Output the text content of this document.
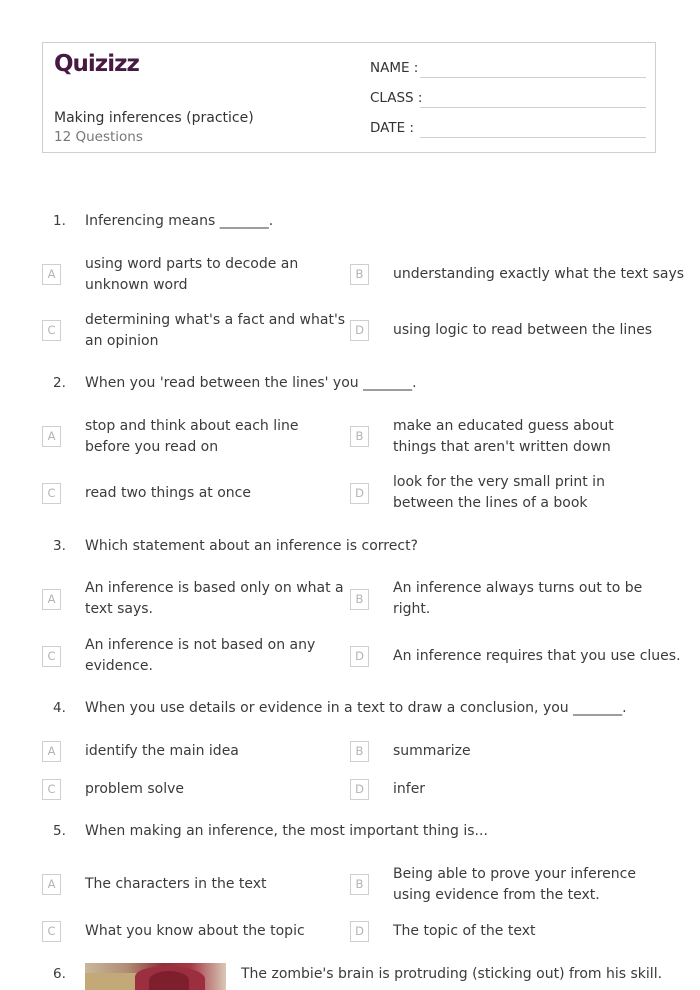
Quizizz
Making inferences (practice)
12 Questions
NAME :
CLASS :
DATE :
1. Inferencing means _______.
A
using word parts to decode an unknown word
B	understanding exactly what the text says
C
determining what's a fact and what's an opinion
D	using logic to read between the lines
2. When you 'read between the lines' you _______.
A
stop and think about each line before you read on
B
make an educated guess about things that aren't written down
C	read two things at once	D
look for the very small print in between the lines of a book
3. Which statement about an inference is correct?
A
An inference is based only on what a text says.
B
An inference always turns out to be right.
C
An inference is not based on any evidence.
D	An inference requires that you use clues.
4. When you use details or evidence in a text to draw a conclusion, you _______.
A	identify the main idea	B	summarize
C	problem solve	D	infer
5. When making an inference, the most important thing is...
A	The characters in the text	B
Being able to prove your inference using evidence from the text.
C	What you know about the topic	D	The topic of the text
6.	The zombie's brain is protruding (sticking out) from his skill.
